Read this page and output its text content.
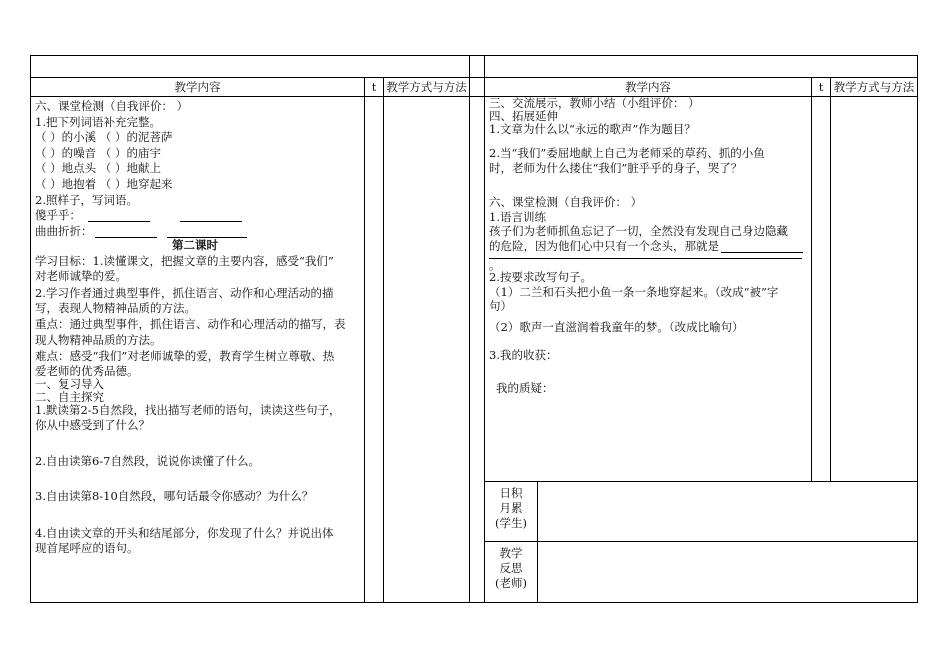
教学内容	t 教学方式与方法	教学内容	t 教学方式与方法
六、课堂检测（自我评价： ）
1.把下列词语补充完整。
（ ）的小溪 （ ）的泥菩萨
（ ）的噪音 （ ）的庙宇
（ ）地点头 （ ）地献上
（ ）地抱着 （ ）地穿起来
2.照样子，写词语。
傻乎乎：
曲曲折折：
第二课时
学习目标：1.读懂课文，把握文章的主要内容，感受“我们”
对老师诚挚的爱。
2.学习作者通过典型事件，抓住语言、动作和心理活动的描
写，表现人物精神品质的方法。
重点：通过典型事件，抓住语言、动作和心理活动的描写，表
现人物精神品质的方法。
难点：感受“我们”对老师诚挚的爱，教育学生树立尊敬、热
爱老师的优秀品德。
一、复习导入
二、自主探究
1.默读第2-5自然段，找出描写老师的语句，读读这些句子，
你从中感受到了什么？
2.自由读第6-7自然段，说说你读懂了什么。
3.自由读第8-10自然段，哪句话最令你感动？为什么？
4.自由读文章的开头和结尾部分，你发现了什么？并说出体
现首尾呼应的语句。
三、交流展示，教师小结（小组评价： ）
四、拓展延伸
1.文章为什么以“永远的歌声”作为题目？
2.当“我们”委屈地献上自己为老师采的草药、抓的小鱼
时，老师为什么搂住“我们”脏乎乎的身子，哭了？
六、课堂检测（自我评价： ）
1.语言训练
孩子们为老师抓鱼忘记了一切，全然没有发现自己身边隐藏
的危险，因为他们心中只有一个念头，那就是
。
2.按要求改写句子。
（1）二兰和石头把小鱼一条一条地穿起来。（改成“被”字
句）
（2）歌声一直滋润着我童年的梦。（改成比喻句）
3.我的收获：
我的质疑：
日积
月累
(学生)
教学
反思
(老师)
